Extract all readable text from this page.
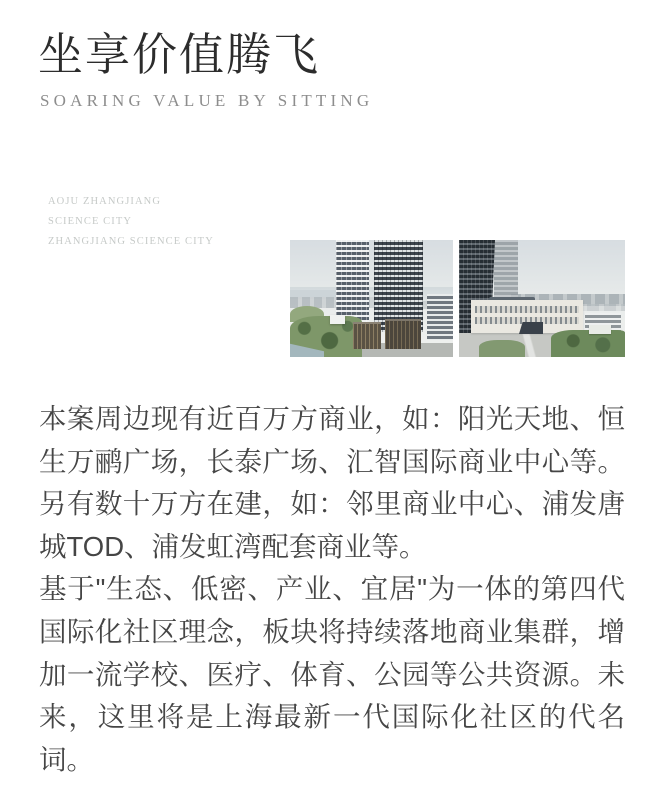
坐享价值腾飞
SOARING VALUE BY SITTING
AOJU ZHANGJIANG
SCIENCE CITY
ZHANGJIANG SCIENCE CITY

本案周边现有近百万方商业，如：阳光天地、恒生万鹂广场，长泰广场、汇智国际商业中心等。另有数十万方在建，如：邻里商业中心、浦发唐城TOD、浦发虹湾配套商业等。

基于"生态、低密、产业、宜居"为一体的第四代国际化社区理念，板块将持续落地商业集群，增加一流学校、医疗、体育、公园等公共资源。未来，这里将是上海最新一代国际化社区的代名词。
